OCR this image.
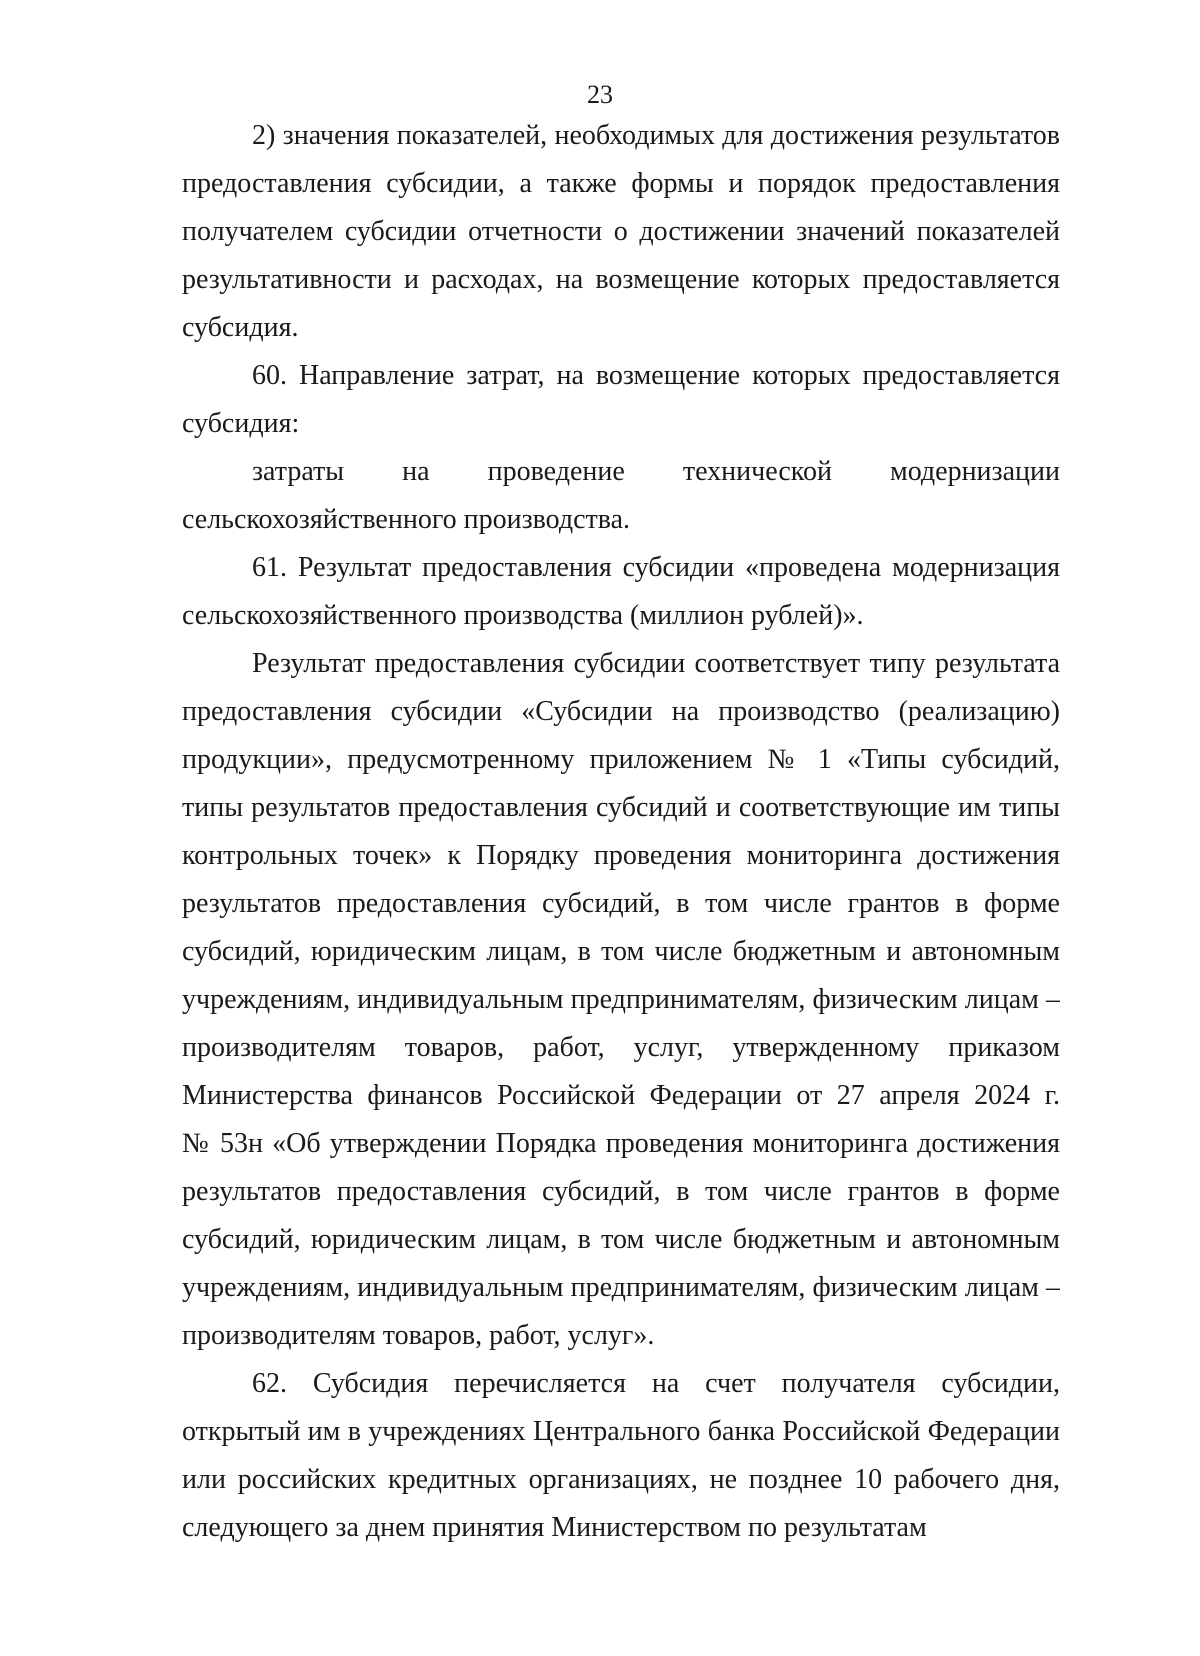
23

2) значения показателей, необходимых для достижения результатов
предоставления субсидии, а также формы и порядок предоставления
получателем субсидии отчетности о достижении значений показателей
результативности и расходах, на возмещение которых предоставляется
субсидия.

60. Направление затрат, на возмещение которых предоставляется
субсидия:

затраты на проведение технической модернизации
сельскохозяйственного производства.

61. Результат предоставления субсидии «проведена модернизация
сельскохозяйственного производства (миллион рублей)».

Результат предоставления субсидии соответствует типу результата
предоставления субсидии «Субсидии на производство (реализацию)
продукции», предусмотренному приложением № 1 «Типы субсидий,
типы результатов предоставления субсидий и соответствующие им типы
контрольных точек» к Порядку проведения мониторинга достижения
результатов предоставления субсидий, в том числе грантов в форме
субсидий, юридическим лицам, в том числе бюджетным и автономным
учреждениям, индивидуальным предпринимателям, физическим лицам –
производителям товаров, работ, услуг, утвержденному приказом
Министерства финансов Российской Федерации от 27 апреля 2024 г.
№ 53н «Об утверждении Порядка проведения мониторинга достижения
результатов предоставления субсидий, в том числе грантов в форме
субсидий, юридическим лицам, в том числе бюджетным и автономным
учреждениям, индивидуальным предпринимателям, физическим лицам –
производителям товаров, работ, услуг».

62. Субсидия перечисляется на счет получателя субсидии,
открытый им в учреждениях Центрального банка Российской Федерации
или российских кредитных организациях, не позднее 10 рабочего дня,
следующего за днем принятия Министерством по результатам
